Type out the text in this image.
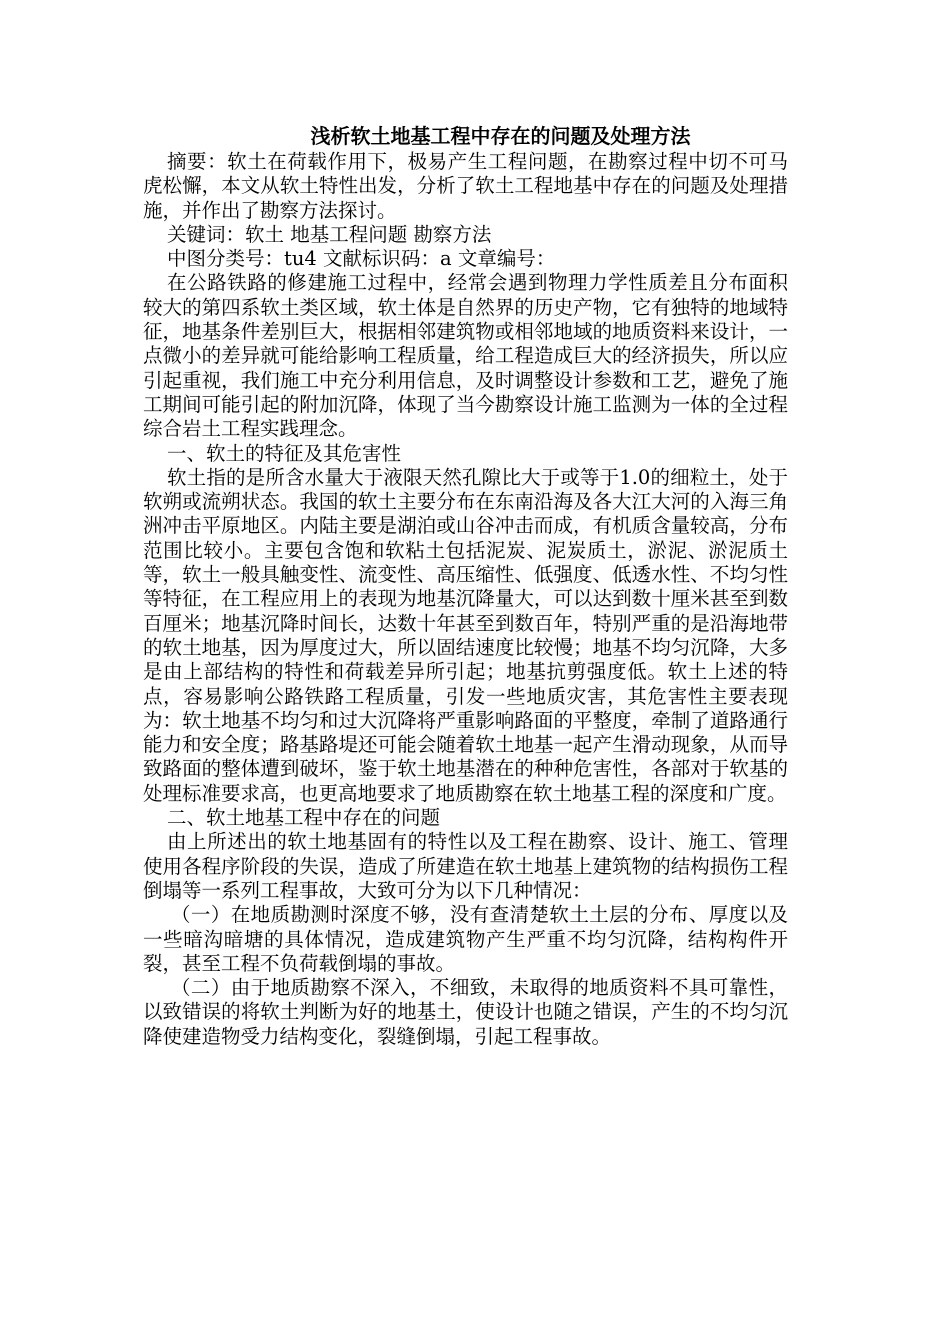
浅析软土地基工程中存在的问题及处理方法

摘要：软土在荷载作用下，极易产生工程问题，在勘察过程中切不可马虎松懈，本文从软土特性出发，分析了软土工程地基中存在的问题及处理措施，并作出了勘察方法探讨。

关键词：软土 地基工程问题 勘察方法

中图分类号：tu4 文献标识码：a 文章编号：

在公路铁路的修建施工过程中，经常会遇到物理力学性质差且分布面积较大的第四系软土类区域，软土体是自然界的历史产物，它有独特的地域特征，地基条件差别巨大，根据相邻建筑物或相邻地域的地质资料来设计，一点微小的差异就可能给影响工程质量，给工程造成巨大的经济损失，所以应引起重视，我们施工中充分利用信息，及时调整设计参数和工艺，避免了施工期间可能引起的附加沉降，体现了当今勘察设计施工监测为一体的全过程综合岩土工程实践理念。

一、软土的特征及其危害性

软土指的是所含水量大于液限天然孔隙比大于或等于1.0的细粒土，处于软朔或流朔状态。我国的软土主要分布在东南沿海及各大江大河的入海三角洲冲击平原地区。内陆主要是湖泊或山谷冲击而成，有机质含量较高，分布范围比较小。主要包含饱和软粘土包括泥炭、泥炭质土，淤泥、淤泥质土等，软土一般具触变性、流变性、高压缩性、低强度、低透水性、不均匀性等特征，在工程应用上的表现为地基沉降量大，可以达到数十厘米甚至到数百厘米；地基沉降时间长，达数十年甚至到数百年，特别严重的是沿海地带的软土地基，因为厚度过大，所以固结速度比较慢；地基不均匀沉降，大多是由上部结构的特性和荷载差异所引起；地基抗剪强度低。软土上述的特点，容易影响公路铁路工程质量，引发一些地质灾害，其危害性主要表现为：软土地基不均匀和过大沉降将严重影响路面的平整度，牵制了道路通行能力和安全度；路基路堤还可能会随着软土地基一起产生滑动现象，从而导致路面的整体遭到破坏，鉴于软土地基潜在的种种危害性，各部对于软基的处理标准要求高，也更高地要求了地质勘察在软土地基工程的深度和广度。

二、软土地基工程中存在的问题

由上所述出的软土地基固有的特性以及工程在勘察、设计、施工、管理使用各程序阶段的失误，造成了所建造在软土地基上建筑物的结构损伤工程倒塌等一系列工程事故，大致可分为以下几种情况：

（一）在地质勘测时深度不够，没有查清楚软土土层的分布、厚度以及一些暗沟暗塘的具体情况，造成建筑物产生严重不均匀沉降，结构构件开裂，甚至工程不负荷载倒塌的事故。

（二）由于地质勘察不深入，不细致，未取得的地质资料不具可靠性，以致错误的将软土判断为好的地基土，使设计也随之错误，产生的不均匀沉降使建造物受力结构变化，裂缝倒塌，引起工程事故。
